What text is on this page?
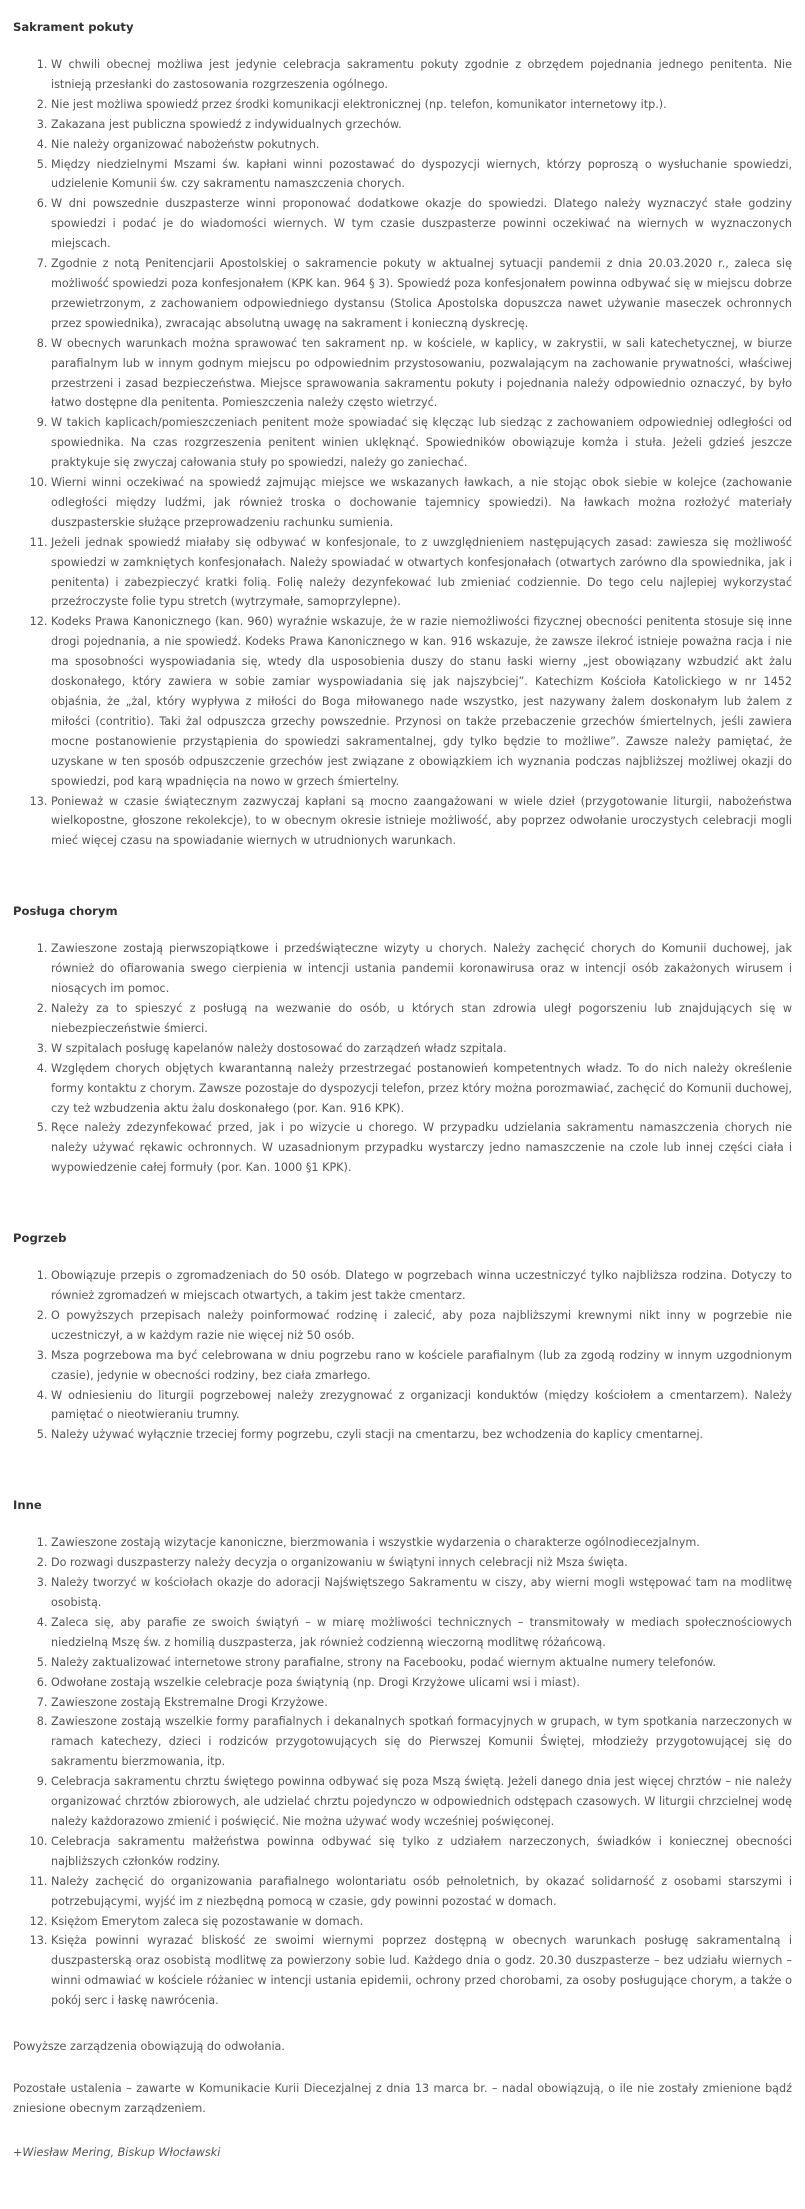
Sakrament pokuty
1. W chwili obecnej możliwa jest jedynie celebracja sakramentu pokuty zgodnie z obrzędem pojednania jednego penitenta. Nie istnieją przesłanki do zastosowania rozgrzeszenia ogólnego.
2. Nie jest możliwa spowiedź przez środki komunikacji elektronicznej (np. telefon, komunikator internetowy itp.).
3. Zakazana jest publiczna spowiedź z indywidualnych grzechów.
4. Nie należy organizować nabożeństw pokutnych.
5. Między niedzielnymi Mszami św. kapłani winni pozostawać do dyspozycji wiernych, którzy poproszą o wysłuchanie spowiedzi, udzielenie Komunii św. czy sakramentu namaszczenia chorych.
6. W dni powszednie duszpasterze winni proponować dodatkowe okazje do spowiedzi. Dlatego należy wyznaczyć stałe godziny spowiedzi i podać je do wiadomości wiernych. W tym czasie duszpasterze powinni oczekiwać na wiernych w wyznaczonych miejscach.
7. Zgodnie z notą Penitencjarii Apostolskiej o sakramencie pokuty w aktualnej sytuacji pandemii z dnia 20.03.2020 r., zaleca się możliwość spowiedzi poza konfesjonałem (KPK kan. 964 § 3). Spowiedź poza konfesjonałem powinna odbywać się w miejscu dobrze przewietrzonym, z zachowaniem odpowiedniego dystansu (Stolica Apostolska dopuszcza nawet używanie maseczek ochronnych przez spowiednika), zwracając absolutną uwagę na sakrament i konieczną dyskrecję.
8. W obecnych warunkach można sprawować ten sakrament np. w kościele, w kaplicy, w zakrystii, w sali katechetycznej, w biurze parafialnym lub w innym godnym miejscu po odpowiednim przystosowaniu, pozwalającym na zachowanie prywatności, właściwej przestrzeni i zasad bezpieczeństwa. Miejsce sprawowania sakramentu pokuty i pojednania należy odpowiednio oznaczyć, by było łatwo dostępne dla penitenta. Pomieszczenia należy często wietrzyć.
9. W takich kaplicach/pomieszczeniach penitent może spowiadać się klęcząc lub siedząc z zachowaniem odpowiedniej odległości od spowiednika. Na czas rozgrzeszenia penitent winien uklęknąć. Spowiedników obowiązuje komża i stuła. Jeżeli gdzieś jeszcze praktykuje się zwyczaj całowania stuły po spowiedzi, należy go zaniechać.
10. Wierni winni oczekiwać na spowiedź zajmując miejsce we wskazanych ławkach, a nie stojąc obok siebie w kolejce (zachowanie odległości między ludźmi, jak również troska o dochowanie tajemnicy spowiedzi). Na ławkach można rozłożyć materiały duszpasterskie służące przeprowadzeniu rachunku sumienia.
11. Jeżeli jednak spowiedź miałaby się odbywać w konfesjonale, to z uwzględnieniem następujących zasad: zawiesza się możliwość spowiedzi w zamkniętych konfesjonałach. Należy spowiadać w otwartych konfesjonałach (otwartych zarówno dla spowiednika, jak i penitenta) i zabezpieczyć kratki folią. Folię należy dezynfekować lub zmieniać codziennie. Do tego celu najlepiej wykorzystać przeźroczyste folie typu stretch (wytrzymałe, samoprzylepne).
12. Kodeks Prawa Kanonicznego (kan. 960) wyraźnie wskazuje, że w razie niemożliwości fizycznej obecności penitenta stosuje się inne drogi pojednania, a nie spowiedź. Kodeks Prawa Kanonicznego w kan. 916 wskazuje, że zawsze ilekroć istnieje poważna racja i nie ma sposobności wyspowiadania się, wtedy dla usposobienia duszy do stanu łaski wierny „jest obowiązany wzbudzić akt żalu doskonałego, który zawiera w sobie zamiar wyspowiadania się jak najszybciej”. Katechizm Kościoła Katolickiego w nr 1452 objaśnia, że „żal, który wypływa z miłości do Boga miłowanego nade wszystko, jest nazywany żalem doskonałym lub żalem z miłości (contritio). Taki żal odpuszcza grzechy powszednie. Przynosi on także przebaczenie grzechów śmiertelnych, jeśli zawiera mocne postanowienie przystąpienia do spowiedzi sakramentalnej, gdy tylko będzie to możliwe”. Zawsze należy pamiętać, że uzyskane w ten sposób odpuszczenie grzechów jest związane z obowiązkiem ich wyznania podczas najbliższej możliwej okazji do spowiedzi, pod karą wpadnięcia na nowo w grzech śmiertelny.
13. Ponieważ w czasie świątecznym zazwyczaj kapłani są mocno zaangażowani w wiele dzieł (przygotowanie liturgii, nabożeństwa wielkopostne, głoszone rekolekcje), to w obecnym okresie istnieje możliwość, aby poprzez odwołanie uroczystych celebracji mogli mieć więcej czasu na spowiadanie wiernych w utrudnionych warunkach.
Posługa chorym
1. Zawieszone zostają pierwszopiątkowe i przedświąteczne wizyty u chorych. Należy zachęcić chorych do Komunii duchowej, jak również do ofiarowania swego cierpienia w intencji ustania pandemii koronawirusa oraz w intencji osób zakażonych wirusem i niosących im pomoc.
2. Należy za to spieszyć z posługą na wezwanie do osób, u których stan zdrowia uległ pogorszeniu lub znajdujących się w niebezpieczeństwie śmierci.
3. W szpitalach posługę kapelanów należy dostosować do zarządzeń władz szpitala.
4. Względem chorych objętych kwarantanną należy przestrzegać postanowień kompetentnych władz. To do nich należy określenie formy kontaktu z chorym. Zawsze pozostaje do dyspozycji telefon, przez który można porozmawiać, zachęcić do Komunii duchowej, czy też wzbudzenia aktu żalu doskonałego (por. Kan. 916 KPK).
5. Ręce należy zdezynfekować przed, jak i po wizycie u chorego. W przypadku udzielania sakramentu namaszczenia chorych nie należy używać rękawic ochronnych. W uzasadnionym przypadku wystarczy jedno namaszczenie na czole lub innej części ciała i wypowiedzenie całej formuły (por. Kan. 1000 §1 KPK).
Pogrzeb
1. Obowiązuje przepis o zgromadzeniach do 50 osób. Dlatego w pogrzebach winna uczestniczyć tylko najbliższa rodzina. Dotyczy to również zgromadzeń w miejscach otwartych, a takim jest także cmentarz.
2. O powyższych przepisach należy poinformować rodzinę i zalecić, aby poza najbliższymi krewnymi nikt inny w pogrzebie nie uczestniczył, a w każdym razie nie więcej niż 50 osób.
3. Msza pogrzebowa ma być celebrowana w dniu pogrzebu rano w kościele parafialnym (lub za zgodą rodziny w innym uzgodnionym czasie), jedynie w obecności rodziny, bez ciała zmarłego.
4. W odniesieniu do liturgii pogrzebowej należy zrezygnować z organizacji konduktów (między kościołem a cmentarzem). Należy pamiętać o nieotwieraniu trumny.
5. Należy używać wyłącznie trzeciej formy pogrzebu, czyli stacji na cmentarzu, bez wchodzenia do kaplicy cmentarnej.
Inne
1. Zawieszone zostają wizytacje kanoniczne, bierzmowania i wszystkie wydarzenia o charakterze ogólnodiecezjalnym.
2. Do rozwagi duszpasterzy należy decyzja o organizowaniu w świątyni innych celebracji niż Msza święta.
3. Należy tworzyć w kościołach okazje do adoracji Najświętszego Sakramentu w ciszy, aby wierni mogli wstępować tam na modlitwę osobistą.
4. Zaleca się, aby parafie ze swoich świątyń – w miarę możliwości technicznych – transmitowały w mediach społecznościowych niedzielną Mszę św. z homilią duszpasterza, jak również codzienną wieczorną modlitwę różańcową.
5. Należy zaktualizować internetowe strony parafialne, strony na Facebooku, podać wiernym aktualne numery telefonów.
6. Odwołane zostają wszelkie celebracje poza świątynią (np. Drogi Krzyżowe ulicami wsi i miast).
7. Zawieszone zostają Ekstremalne Drogi Krzyżowe.
8. Zawieszone zostają wszelkie formy parafialnych i dekanalnych spotkań formacyjnych w grupach, w tym spotkania narzeczonych w ramach katechezy, dzieci i rodziców przygotowujących się do Pierwszej Komunii Świętej, młodzieży przygotowującej się do sakramentu bierzmowania, itp.
9. Celebracja sakramentu chrztu świętego powinna odbywać się poza Mszą świętą. Jeżeli danego dnia jest więcej chrztów – nie należy organizować chrztów zbiorowych, ale udzielać chrztu pojedynczo w odpowiednich odstępach czasowych. W liturgii chrzcielnej wodę należy każdorazowo zmienić i poświęcić. Nie można używać wody wcześniej poświęconej.
10. Celebracja sakramentu małżeństwa powinna odbywać się tylko z udziałem narzeczonych, świadków i koniecznej obecności najbliższych członków rodziny.
11. Należy zachęcić do organizowania parafialnego wolontariatu osób pełnoletnich, by okazać solidarność z osobami starszymi i potrzebującymi, wyjść im z niezbędną pomocą w czasie, gdy powinni pozostać w domach.
12. Księżom Emerytom zaleca się pozostawanie w domach.
13. Księża powinni wyrazać bliskość ze swoimi wiernymi poprzez dostępną w obecnych warunkach posługę sakramentalną i duszpasterską oraz osobistą modlitwę za powierzony sobie lud. Każdego dnia o godz. 20.30 duszpasterze – bez udziału wiernych – winni odmawiać w kościele różaniec w intencji ustania epidemii, ochrony przed chorobami, za osoby posługujące chorym, a także o pokój serc i łaskę nawrócenia.

Powyższe zarządzenia obowiązują do odwołania.

Pozostałe ustalenia – zawarte w Komunikacie Kurii Diecezjalnej z dnia 13 marca br. – nadal obowiązują, o ile nie zostały zmienione bądź zniesione obecnym zarządzeniem.

+Wiesław Mering, Biskup Włocławski
